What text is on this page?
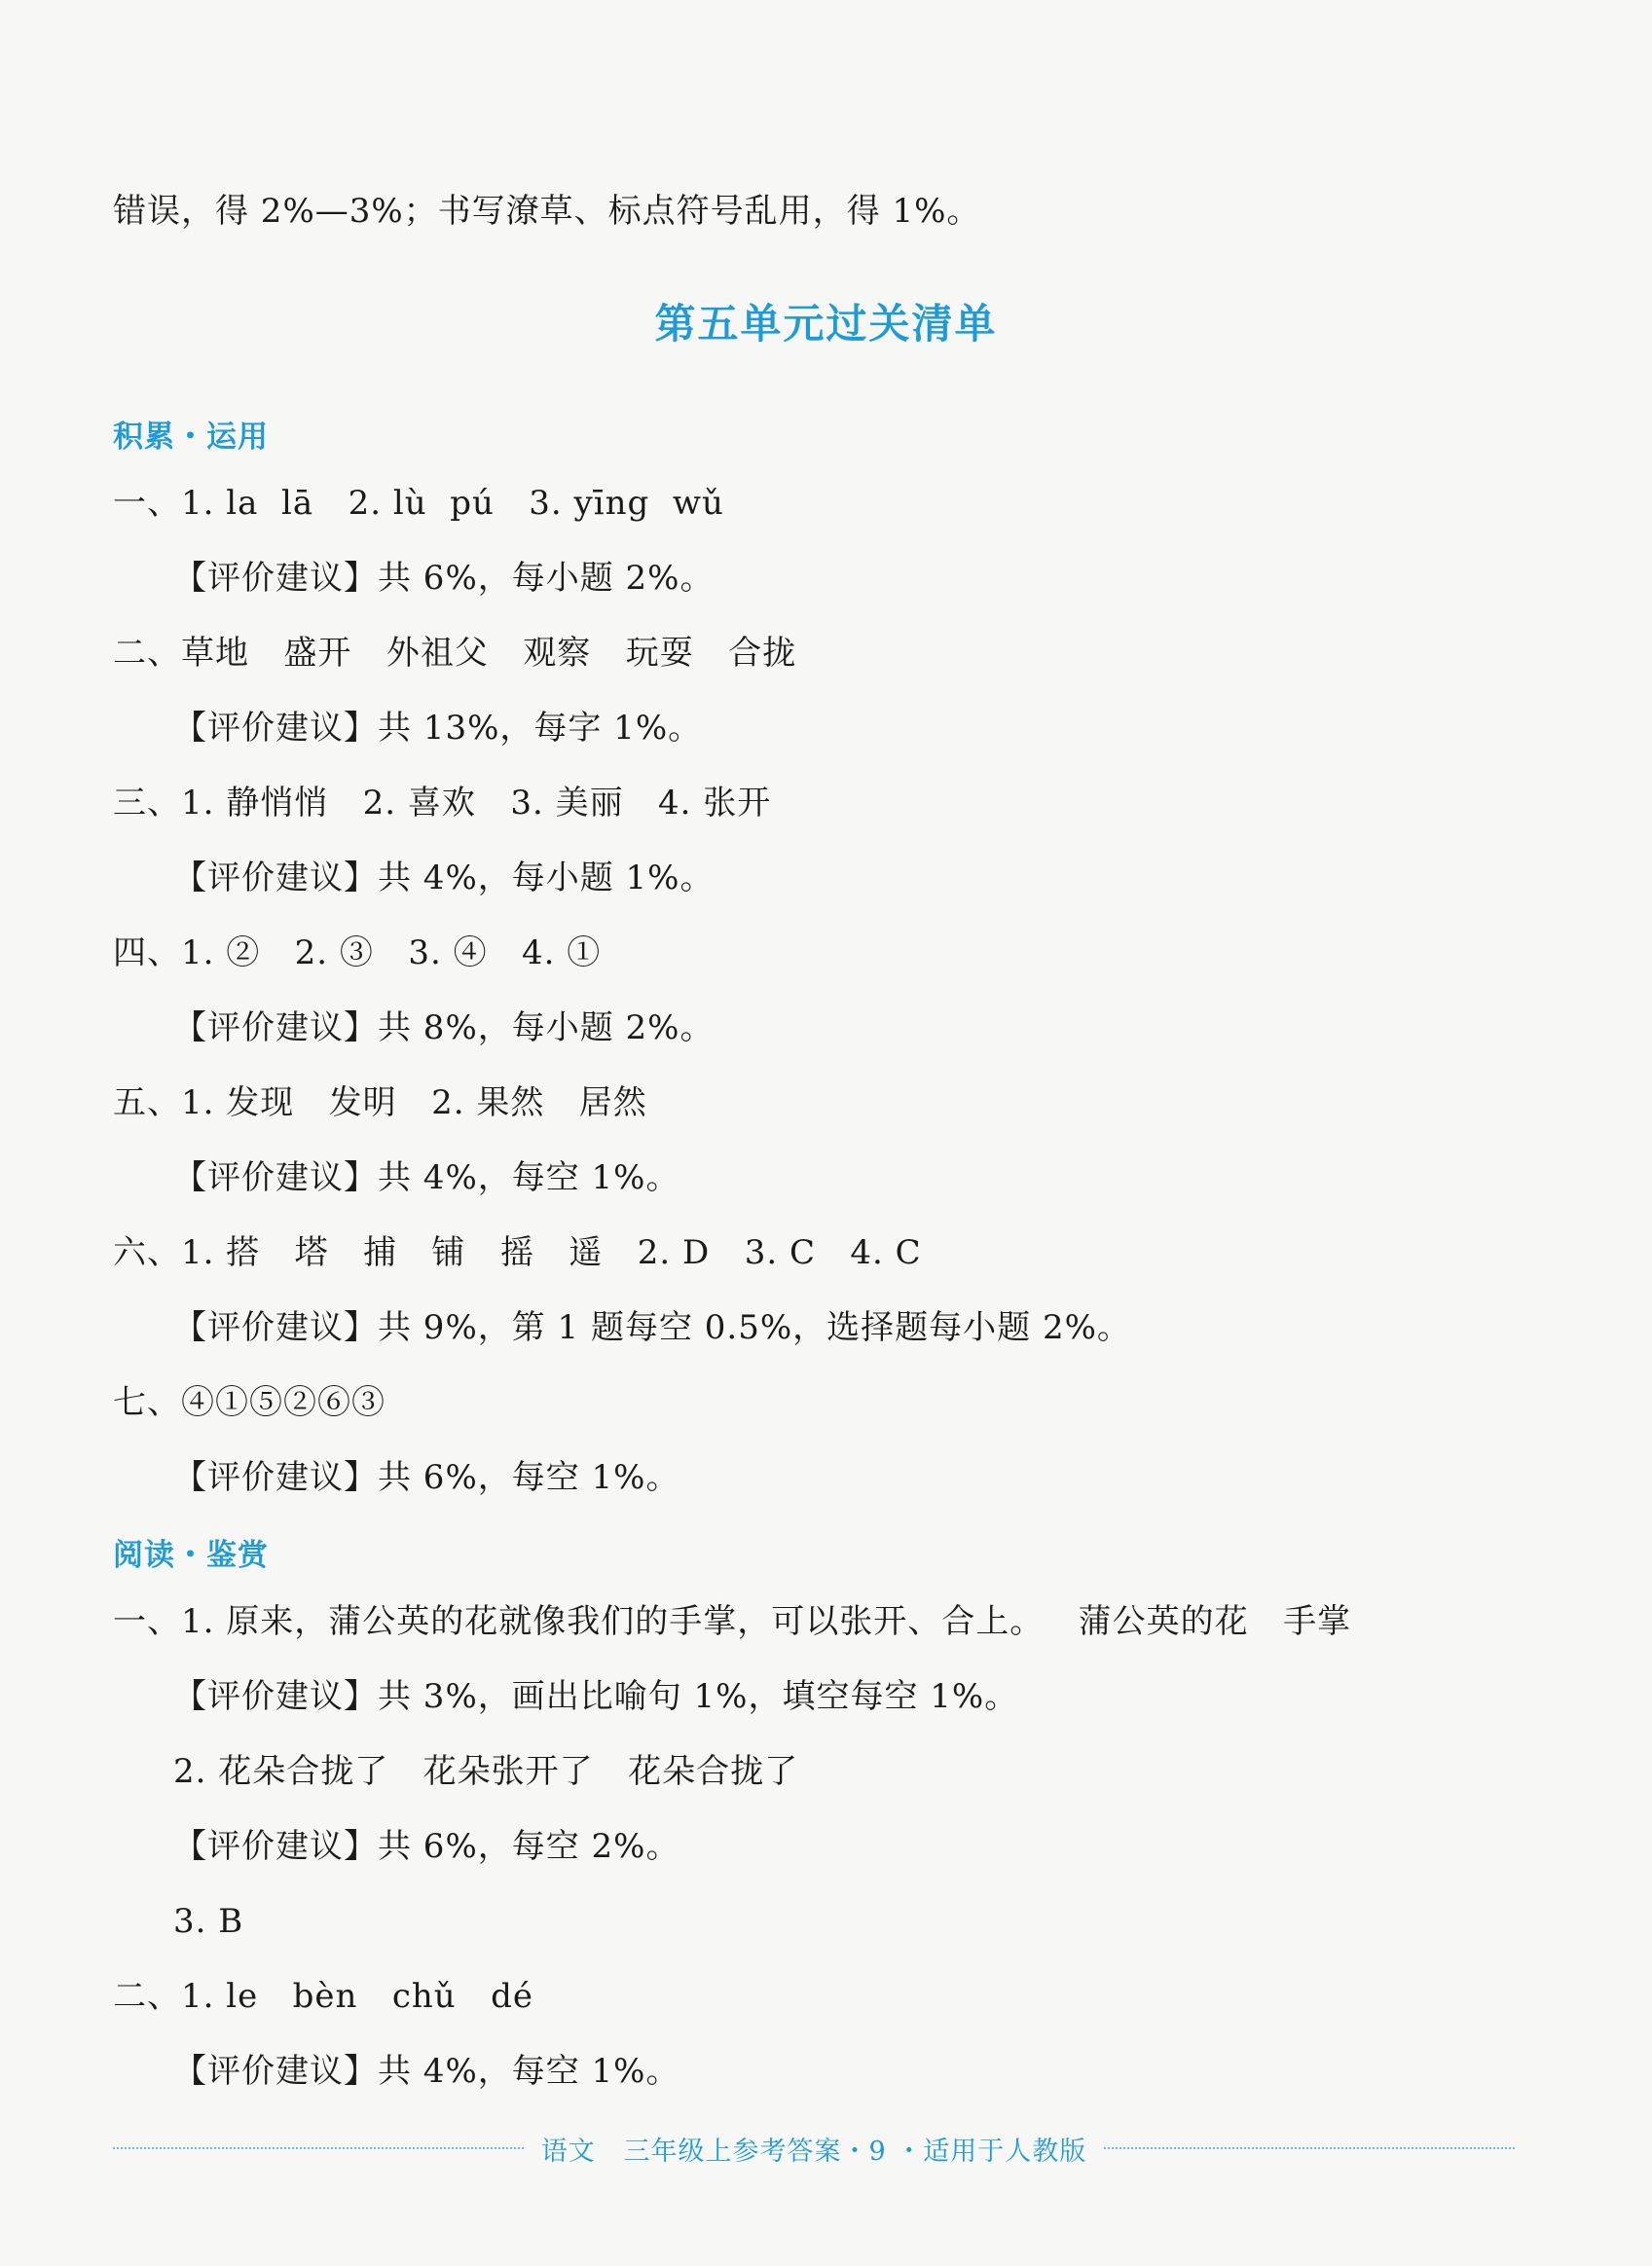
错误，得 2%—3%；书写潦草、标点符号乱用，得 1%。
第五单元过关清单
积累・运用
一、1. la  lā   2. lù  pú   3. yīng  wǔ
【评价建议】共 6%，每小题 2%。
二、草地   盛开   外祖父   观察   玩耍   合拢
【评价建议】共 13%，每字 1%。
三、1. 静悄悄   2. 喜欢   3. 美丽   4. 张开
【评价建议】共 4%，每小题 1%。
四、1. ②   2. ③   3. ④   4. ①
【评价建议】共 8%，每小题 2%。
五、1. 发现   发明   2. 果然   居然
【评价建议】共 4%，每空 1%。
六、1. 搭   塔   捕   铺   摇   遥   2. D   3. C   4. C
【评价建议】共 9%，第 1 题每空 0.5%，选择题每小题 2%。
七、④①⑤②⑥③
【评价建议】共 6%，每空 1%。
阅读・鉴赏
一、1. 原来，蒲公英的花就像我们的手掌，可以张开、合上。   蒲公英的花   手掌
【评价建议】共 3%，画出比喻句 1%，填空每空 1%。
2. 花朵合拢了   花朵张开了   花朵合拢了
【评价建议】共 6%，每空 2%。
3. B
二、1. le   bèn   chǔ   dé
【评价建议】共 4%，每空 1%。
语文   三年级上参考答案・9 ・适用于人教版
